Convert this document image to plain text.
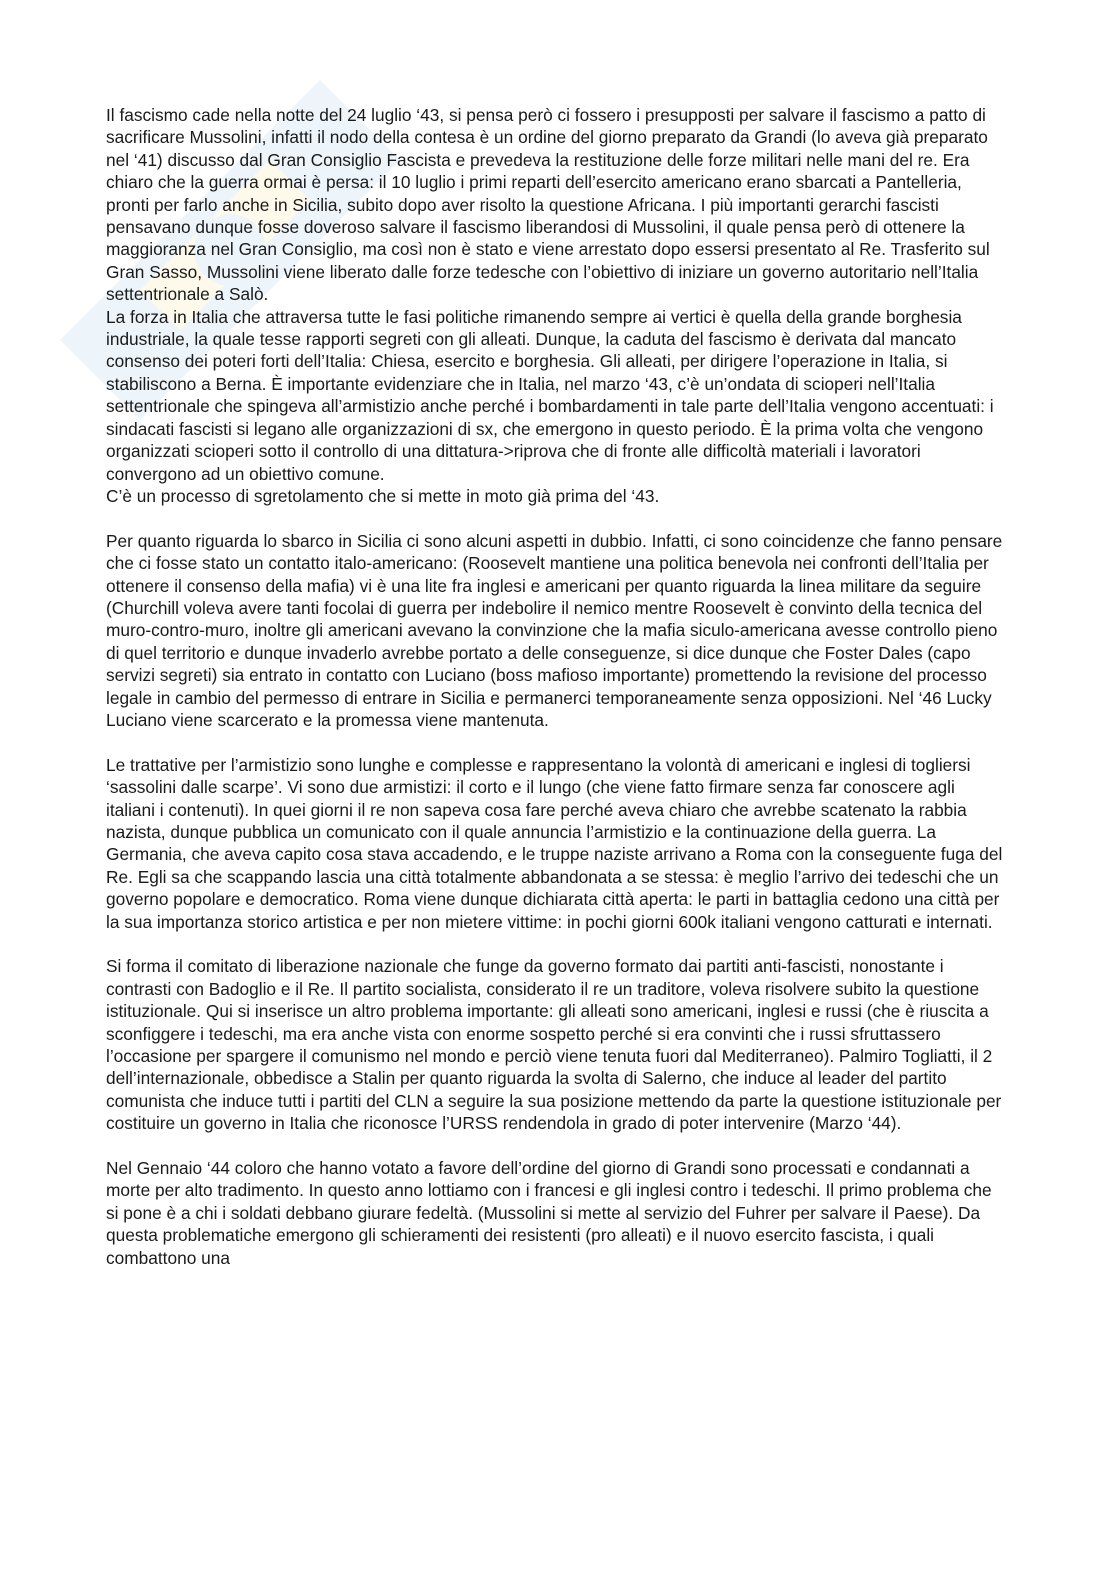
Il fascismo cade nella notte del 24 luglio ‘43, si pensa però ci fossero i presupposti per salvare il fascismo a patto di sacrificare Mussolini, infatti il nodo della contesa è un ordine del giorno preparato da Grandi (lo aveva già preparato nel ‘41) discusso dal Gran Consiglio Fascista e prevedeva la restituzione delle forze militari nelle mani del re. Era chiaro che la guerra ormai è persa: il 10 luglio i primi reparti dell’esercito americano erano sbarcati a Pantelleria, pronti per farlo anche in Sicilia, subito dopo aver risolto la questione Africana. I più importanti gerarchi fascisti pensavano dunque fosse doveroso salvare il fascismo liberandosi di Mussolini, il quale pensa però di ottenere la maggioranza nel Gran Consiglio, ma così non è stato e viene arrestato dopo essersi presentato al Re. Trasferito sul Gran Sasso, Mussolini viene liberato dalle forze tedesche con l’obiettivo di iniziare un governo autoritario nell’Italia settentrionale a Salò.

La forza in Italia che attraversa tutte le fasi politiche rimanendo sempre ai vertici è quella della grande borghesia industriale, la quale tesse rapporti segreti con gli alleati. Dunque, la caduta del fascismo è derivata dal mancato consenso dei poteri forti dell’Italia: Chiesa, esercito e borghesia. Gli alleati, per dirigere l’operazione in Italia, si stabiliscono a Berna. È importante evidenziare che in Italia, nel marzo ‘43, c’è un’ondata di scioperi nell’Italia settentrionale che spingeva all’armistizio anche perché i bombardamenti in tale parte dell’Italia vengono accentuati: i sindacati fascisti si legano alle organizzazioni di sx, che emergono in questo periodo. È la prima volta che vengono organizzati scioperi sotto il controllo di una dittatura->riprova che di fronte alle difficoltà materiali i lavoratori convergono ad un obiettivo comune.

C’è un processo di sgretolamento che si mette in moto già prima del ‘43.

Per quanto riguarda lo sbarco in Sicilia ci sono alcuni aspetti in dubbio. Infatti, ci sono coincidenze che fanno pensare che ci fosse stato un contatto italo-americano: (Roosevelt mantiene una politica benevola nei confronti dell’Italia per ottenere il consenso della mafia) vi è una lite fra inglesi e americani per quanto riguarda la linea militare da seguire (Churchill voleva avere tanti focolai di guerra per indebolire il nemico mentre Roosevelt è convinto della tecnica del muro-contro-muro, inoltre gli americani avevano la convinzione che la mafia siculo-americana avesse controllo pieno di quel territorio e dunque invaderlo avrebbe portato a delle conseguenze, si dice dunque che Foster Dales (capo servizi segreti) sia entrato in contatto con Luciano (boss mafioso importante) promettendo la revisione del processo legale in cambio del permesso di entrare in Sicilia e permanerci temporaneamente senza opposizioni. Nel ‘46 Lucky Luciano viene scarcerato e la promessa viene mantenuta.

Le trattative per l’armistizio sono lunghe e complesse e rappresentano la volontà di americani e inglesi di togliersi ‘sassolini dalle scarpe’. Vi sono due armistizi: il corto e il lungo (che viene fatto firmare senza far conoscere agli italiani i contenuti). In quei giorni il re non sapeva cosa fare perché aveva chiaro che avrebbe scatenato la rabbia nazista, dunque pubblica un comunicato con il quale annuncia l’armistizio e la continuazione della guerra. La Germania, che aveva capito cosa stava accadendo, e le truppe naziste arrivano a Roma con la conseguente fuga del Re. Egli sa che scappando lascia una città totalmente abbandonata a se stessa: è meglio l’arrivo dei tedeschi che un governo popolare e democratico. Roma viene dunque dichiarata città aperta: le parti in battaglia cedono una città per la sua importanza storico artistica e per non mietere vittime: in pochi giorni 600k italiani vengono catturati e internati.

Si forma il comitato di liberazione nazionale che funge da governo formato dai partiti anti-fascisti, nonostante i contrasti con Badoglio e il Re. Il partito socialista, considerato il re un traditore, voleva risolvere subito la questione istituzionale. Qui si inserisce un altro problema importante: gli alleati sono americani, inglesi e russi (che è riuscita a sconfiggere i tedeschi, ma era anche vista con enorme sospetto perché si era convinti che i russi sfruttassero l’occasione per spargere il comunismo nel mondo e perciò viene tenuta fuori dal Mediterraneo). Palmiro Togliatti, il 2 dell’internazionale, obbedisce a Stalin per quanto riguarda la svolta di Salerno, che induce al leader del partito comunista che induce tutti i partiti del CLN a seguire la sua posizione mettendo da parte la questione istituzionale per costituire un governo in Italia che riconosce l’URSS rendendola in grado di poter intervenire (Marzo ‘44).

Nel Gennaio ‘44 coloro che hanno votato a favore dell’ordine del giorno di Grandi sono processati e condannati a morte per alto tradimento. In questo anno lottiamo con i francesi e gli inglesi contro i tedeschi. Il primo problema che si pone è a chi i soldati debbano giurare fedeltà. (Mussolini si mette al servizio del Fuhrer per salvare il Paese). Da questa problematiche emergono gli schieramenti dei resistenti (pro alleati) e il nuovo esercito fascista, i quali combattono una
